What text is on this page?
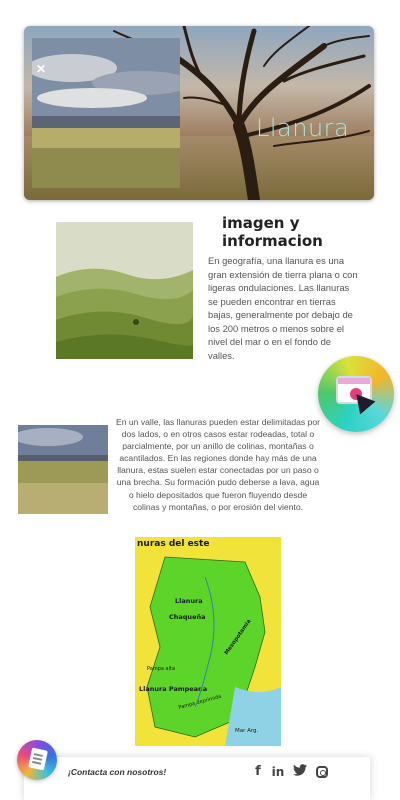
✕
Llanura
imagen y informacion
En geografía, una llanura es una gran extensión de tierra plana o con ligeras ondulaciones. Las llanuras se pueden encontrar en tierras bajas, generalmente por debajo de los 200 metros o menos sobre el nivel del mar o en el fondo de valles.
En un valle, las llanuras pueden estar delimitadas por dos lados, o en otros casos estar rodeadas, total o parcialmente, por un anillo de colinas, montañas o acantilados. En las regiones donde hay más de una llanura, estas suelen estar conectadas por un paso o una brecha. Su formación pudo deberse a lava, agua o hielo depositados que fueron fluyendo desde colinas y montañas, o por erosión del viento.
nuras del este
Llanura
Chaqueña
Mesopotamia
Pampa alta
Llanura Pampeana
Pampa deprimida
Mar Arg.
¡Contacta con nosotros!	f in
